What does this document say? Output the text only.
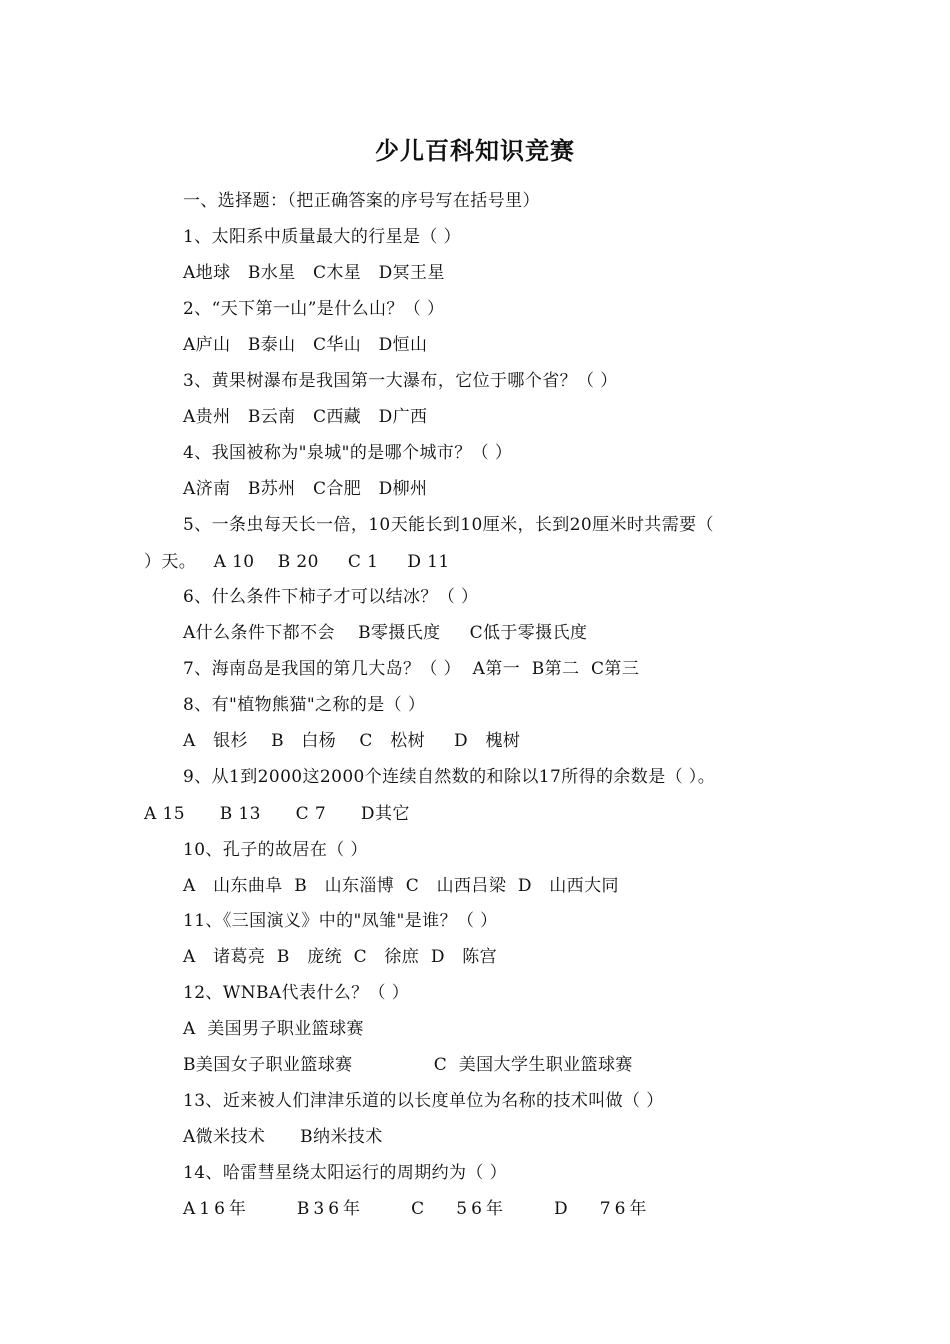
少儿百科知识竞赛
一、选择题：（把正确答案的序号写在括号里）
1、太阳系中质量最大的行星是（ ）
A地球   B水星   C木星   D冥王星
2、“天下第一山”是什么山？（ ）
A庐山   B泰山   C华山   D恒山
3、黄果树瀑布是我国第一大瀑布，它位于哪个省？（ ）
A贵州   B云南   C西藏   D广西
4、我国被称为"泉城"的是哪个城市？（ ）
A济南   B苏州   C合肥   D柳州
5、一条虫每天长一倍，10天能长到10厘米，长到20厘米时共需要（
）天。   A 10    B 20     C 1     D 11
6、什么条件下柿子才可以结冰？（ ）
A什么条件下都不会    B零摄氏度     C低于零摄氏度
7、海南岛是我国的第几大岛？（ ）  A第一  B第二  C第三
8、有"植物熊猫"之称的是（ ）
A   银杉    B   白杨    C   松树     D   槐树
9、从1到2000这2000个连续自然数的和除以17所得的余数是（ ）。
A 15      B 13      C 7      D其它
10、孔子的故居在（ ）
A   山东曲阜  B   山东淄博  C   山西吕梁  D   山西大同
11、《三国演义》中的"凤雏"是谁？（ ）
A   诸葛亮  B   庞统  C   徐庶  D   陈宫
12、WNBA代表什么？（ ）
A  美国男子职业篮球赛
B美国女子职业篮球赛              C  美国大学生职业篮球赛
13、近来被人们津津乐道的以长度单位为名称的技术叫做（ ）
A微米技术      B纳米技术
14、哈雷彗星绕太阳运行的周期约为（ ）
A16年     B36年     C   56年     D   76年
